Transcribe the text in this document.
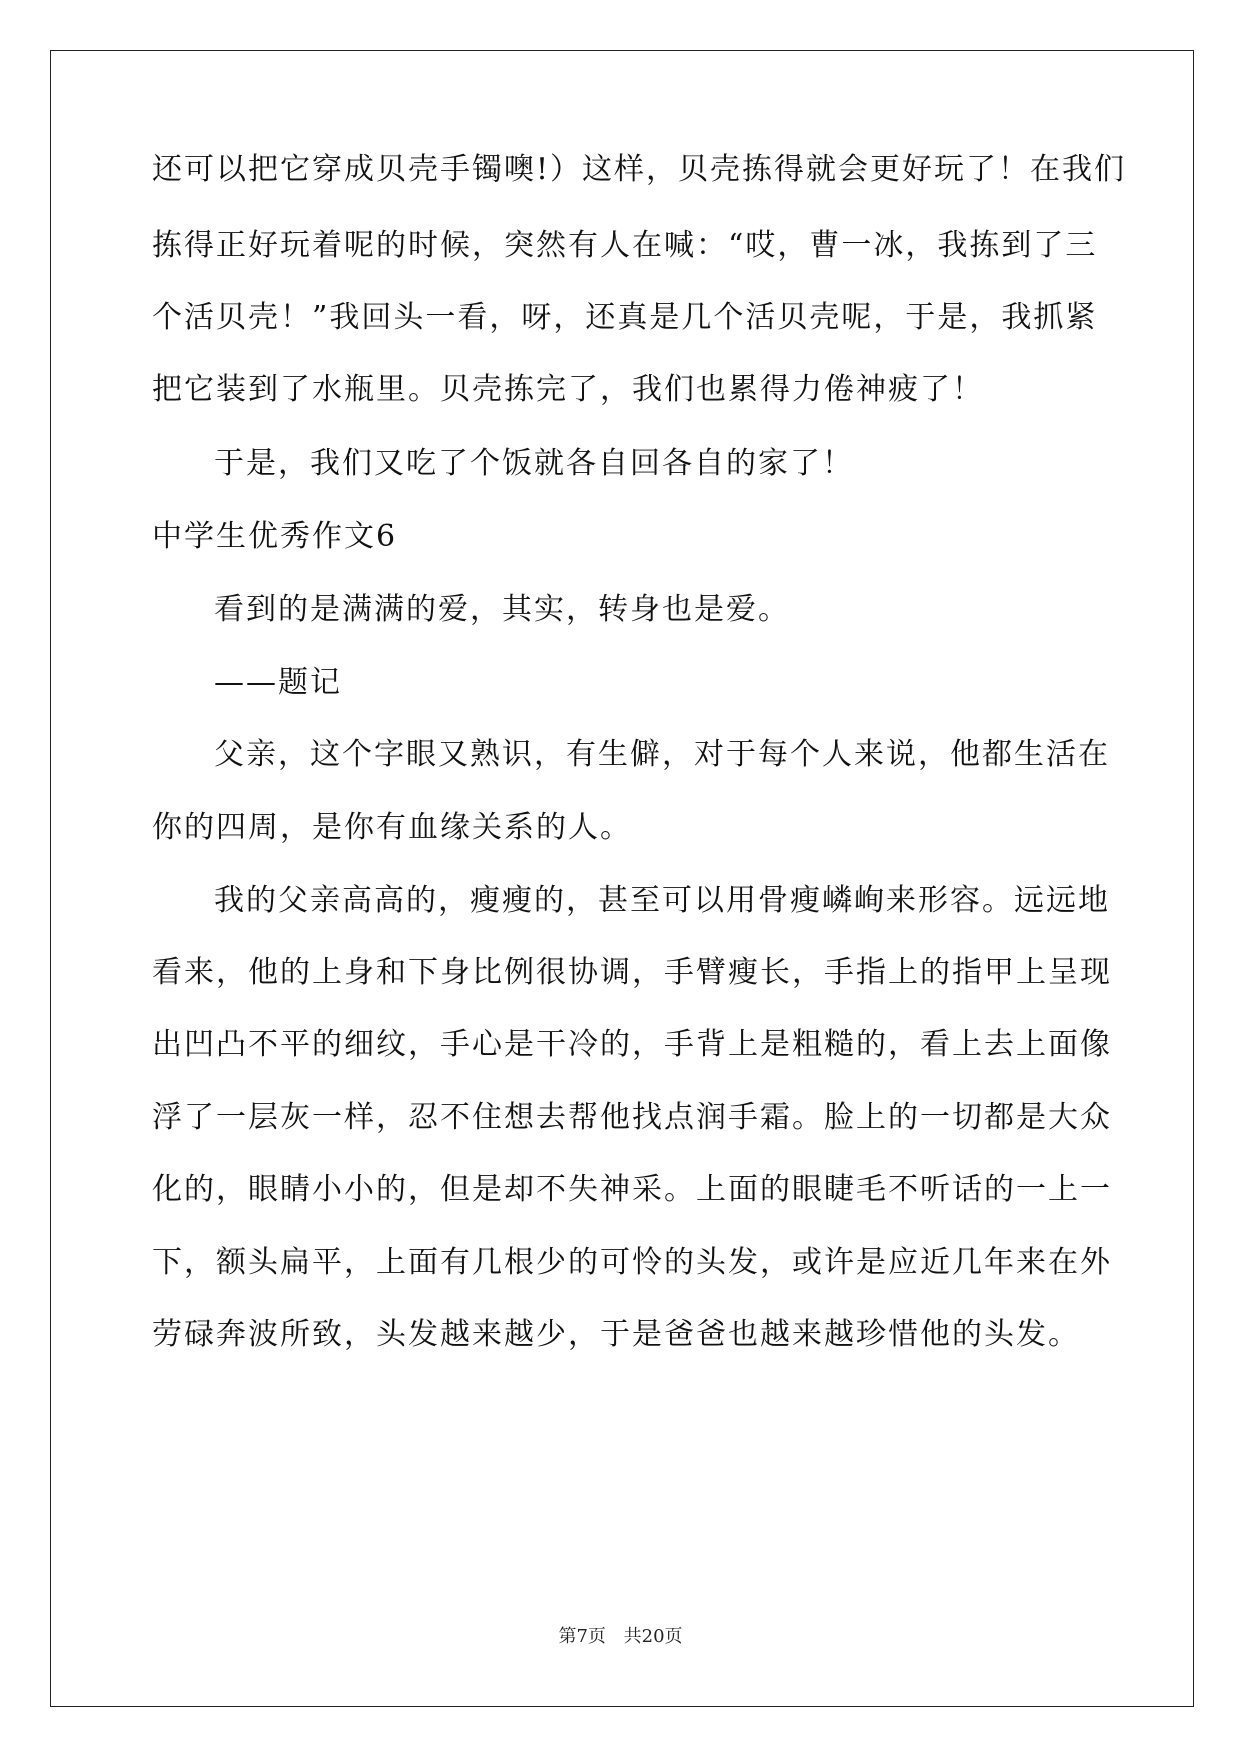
还可以把它穿成贝壳手镯噢!）这样，贝壳拣得就会更好玩了！在我们
拣得正好玩着呢的时候，突然有人在喊：“哎，曹一冰，我拣到了三
个活贝壳！”我回头一看，呀，还真是几个活贝壳呢，于是，我抓紧
把它装到了水瓶里。贝壳拣完了，我们也累得力倦神疲了！
于是，我们又吃了个饭就各自回各自的家了！
中学生优秀作文6
看到的是满满的爱，其实，转身也是爱。
——题记
父亲，这个字眼又熟识，有生僻，对于每个人来说，他都生活在
你的四周，是你有血缘关系的人。
我的父亲高高的，瘦瘦的，甚至可以用骨瘦嶙峋来形容。远远地
看来，他的上身和下身比例很协调，手臂瘦长，手指上的指甲上呈现
出凹凸不平的细纹，手心是干冷的，手背上是粗糙的，看上去上面像
浮了一层灰一样，忍不住想去帮他找点润手霜。脸上的一切都是大众
化的，眼睛小小的，但是却不失神采。上面的眼睫毛不听话的一上一
下，额头扁平，上面有几根少的可怜的头发，或许是应近几年来在外
劳碌奔波所致，头发越来越少，于是爸爸也越来越珍惜他的头发。
第7页 共20页
